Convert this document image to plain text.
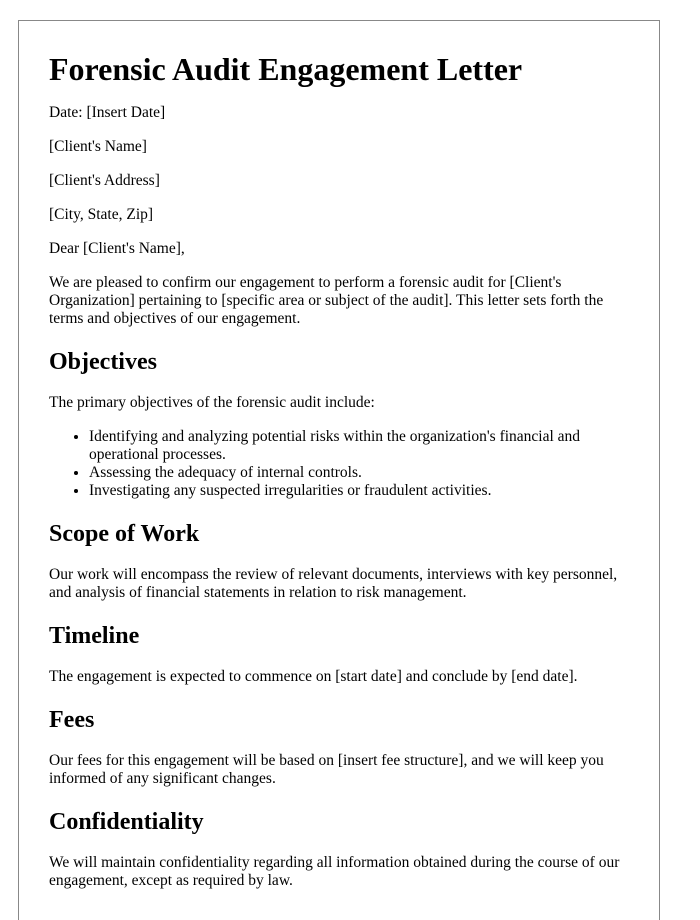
Forensic Audit Engagement Letter

Date: [Insert Date]

[Client's Name]

[Client's Address]

[City, State, Zip]

Dear [Client's Name],

We are pleased to confirm our engagement to perform a forensic audit for [Client's Organization] pertaining to [specific area or subject of the audit]. This letter sets forth the terms and objectives of our engagement.

Objectives

The primary objectives of the forensic audit include:

• Identifying and analyzing potential risks within the organization's financial and operational processes.
• Assessing the adequacy of internal controls.
• Investigating any suspected irregularities or fraudulent activities.
Scope of Work

Our work will encompass the review of relevant documents, interviews with key personnel, and analysis of financial statements in relation to risk management.

Timeline

The engagement is expected to commence on [start date] and conclude by [end date].

Fees

Our fees for this engagement will be based on [insert fee structure], and we will keep you informed of any significant changes.

Confidentiality

We will maintain confidentiality regarding all information obtained during the course of our engagement, except as required by law.
